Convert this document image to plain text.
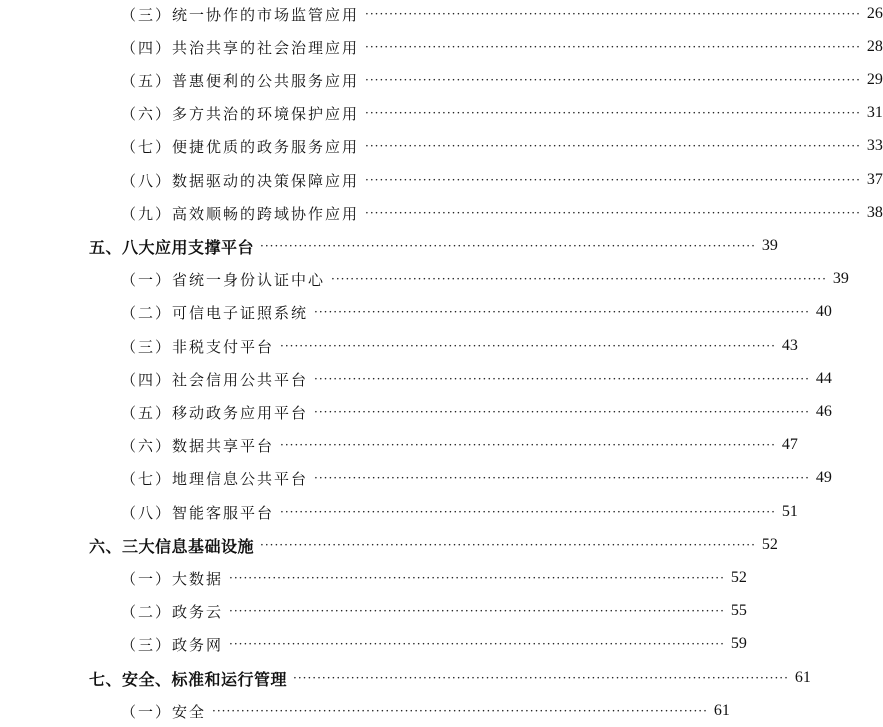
（三）统一协作的市场监管应用 ······································································································· 26
（四）共治共享的社会治理应用 ······································································································· 28
（五）普惠便利的公共服务应用 ······································································································· 29
（六）多方共治的环境保护应用 ······································································································· 31
（七）便捷优质的政务服务应用 ······································································································· 33
（八）数据驱动的决策保障应用 ······································································································· 37
（九）高效顺畅的跨域协作应用 ······································································································· 38
五、八大应用支撑平台 ······································································································· 39
（一）省统一身份认证中心 ······································································································· 39
（二）可信电子证照系统 ······································································································· 40
（三）非税支付平台 ······································································································· 43
（四）社会信用公共平台 ······································································································· 44
（五）移动政务应用平台 ······································································································· 46
（六）数据共享平台 ······································································································· 47
（七）地理信息公共平台 ······································································································· 49
（八）智能客服平台 ······································································································· 51
六、三大信息基础设施 ······································································································· 52
（一）大数据 ······································································································· 52
（二）政务云 ······································································································· 55
（三）政务网 ······································································································· 59
七、安全、标准和运行管理 ······································································································· 61
（一）安全 ······································································································· 61
